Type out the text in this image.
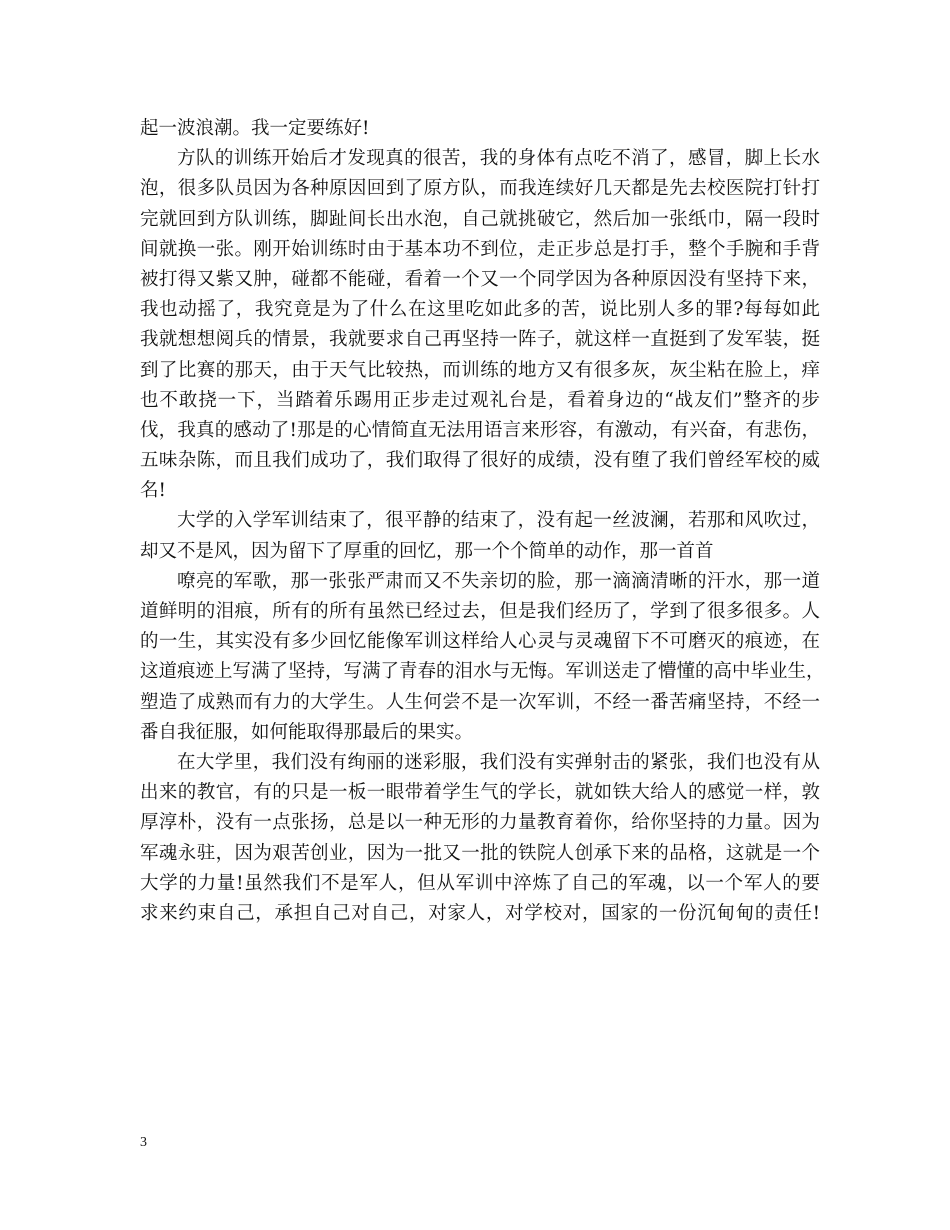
起一波浪潮。我一定要练好!
方队的训练开始后才发现真的很苦，我的身体有点吃不消了，感冒，脚上长水
泡，很多队员因为各种原因回到了原方队，而我连续好几天都是先去校医院打针打
完就回到方队训练，脚趾间长出水泡，自己就挑破它，然后加一张纸巾，隔一段时
间就换一张。刚开始训练时由于基本功不到位，走正步总是打手，整个手腕和手背
被打得又紫又肿，碰都不能碰，看着一个又一个同学因为各种原因没有坚持下来，
我也动摇了，我究竟是为了什么在这里吃如此多的苦，说比别人多的罪?每每如此
我就想想阅兵的情景，我就要求自己再坚持一阵子，就这样一直挺到了发军装，挺
到了比赛的那天，由于天气比较热，而训练的地方又有很多灰，灰尘粘在脸上，痒
也不敢挠一下，当踏着乐踢用正步走过观礼台是，看着身边的“战友们”整齐的步
伐，我真的感动了!那是的心情简直无法用语言来形容，有激动，有兴奋，有悲伤，
五味杂陈，而且我们成功了，我们取得了很好的成绩，没有堕了我们曾经军校的威
名!
大学的入学军训结束了，很平静的结束了，没有起一丝波澜，若那和风吹过，
却又不是风，因为留下了厚重的回忆，那一个个简单的动作，那一首首
嘹亮的军歌，那一张张严肃而又不失亲切的脸，那一滴滴清晰的汗水，那一道
道鲜明的泪痕，所有的所有虽然已经过去，但是我们经历了，学到了很多很多。人
的一生，其实没有多少回忆能像军训这样给人心灵与灵魂留下不可磨灭的痕迹，在
这道痕迹上写满了坚持，写满了青春的泪水与无悔。军训送走了懵懂的高中毕业生，
塑造了成熟而有力的大学生。人生何尝不是一次军训，不经一番苦痛坚持，不经一
番自我征服，如何能取得那最后的果实。
在大学里，我们没有绚丽的迷彩服，我们没有实弹射击的紧张，我们也没有从
出来的教官，有的只是一板一眼带着学生气的学长，就如铁大给人的感觉一样，敦
厚淳朴，没有一点张扬，总是以一种无形的力量教育着你，给你坚持的力量。因为
军魂永驻，因为艰苦创业，因为一批又一批的铁院人创承下来的品格，这就是一个
大学的力量!虽然我们不是军人，但从军训中淬炼了自己的军魂，以一个军人的要
求来约束自己，承担自己对自己，对家人，对学校对，国家的一份沉甸甸的责任!
3
